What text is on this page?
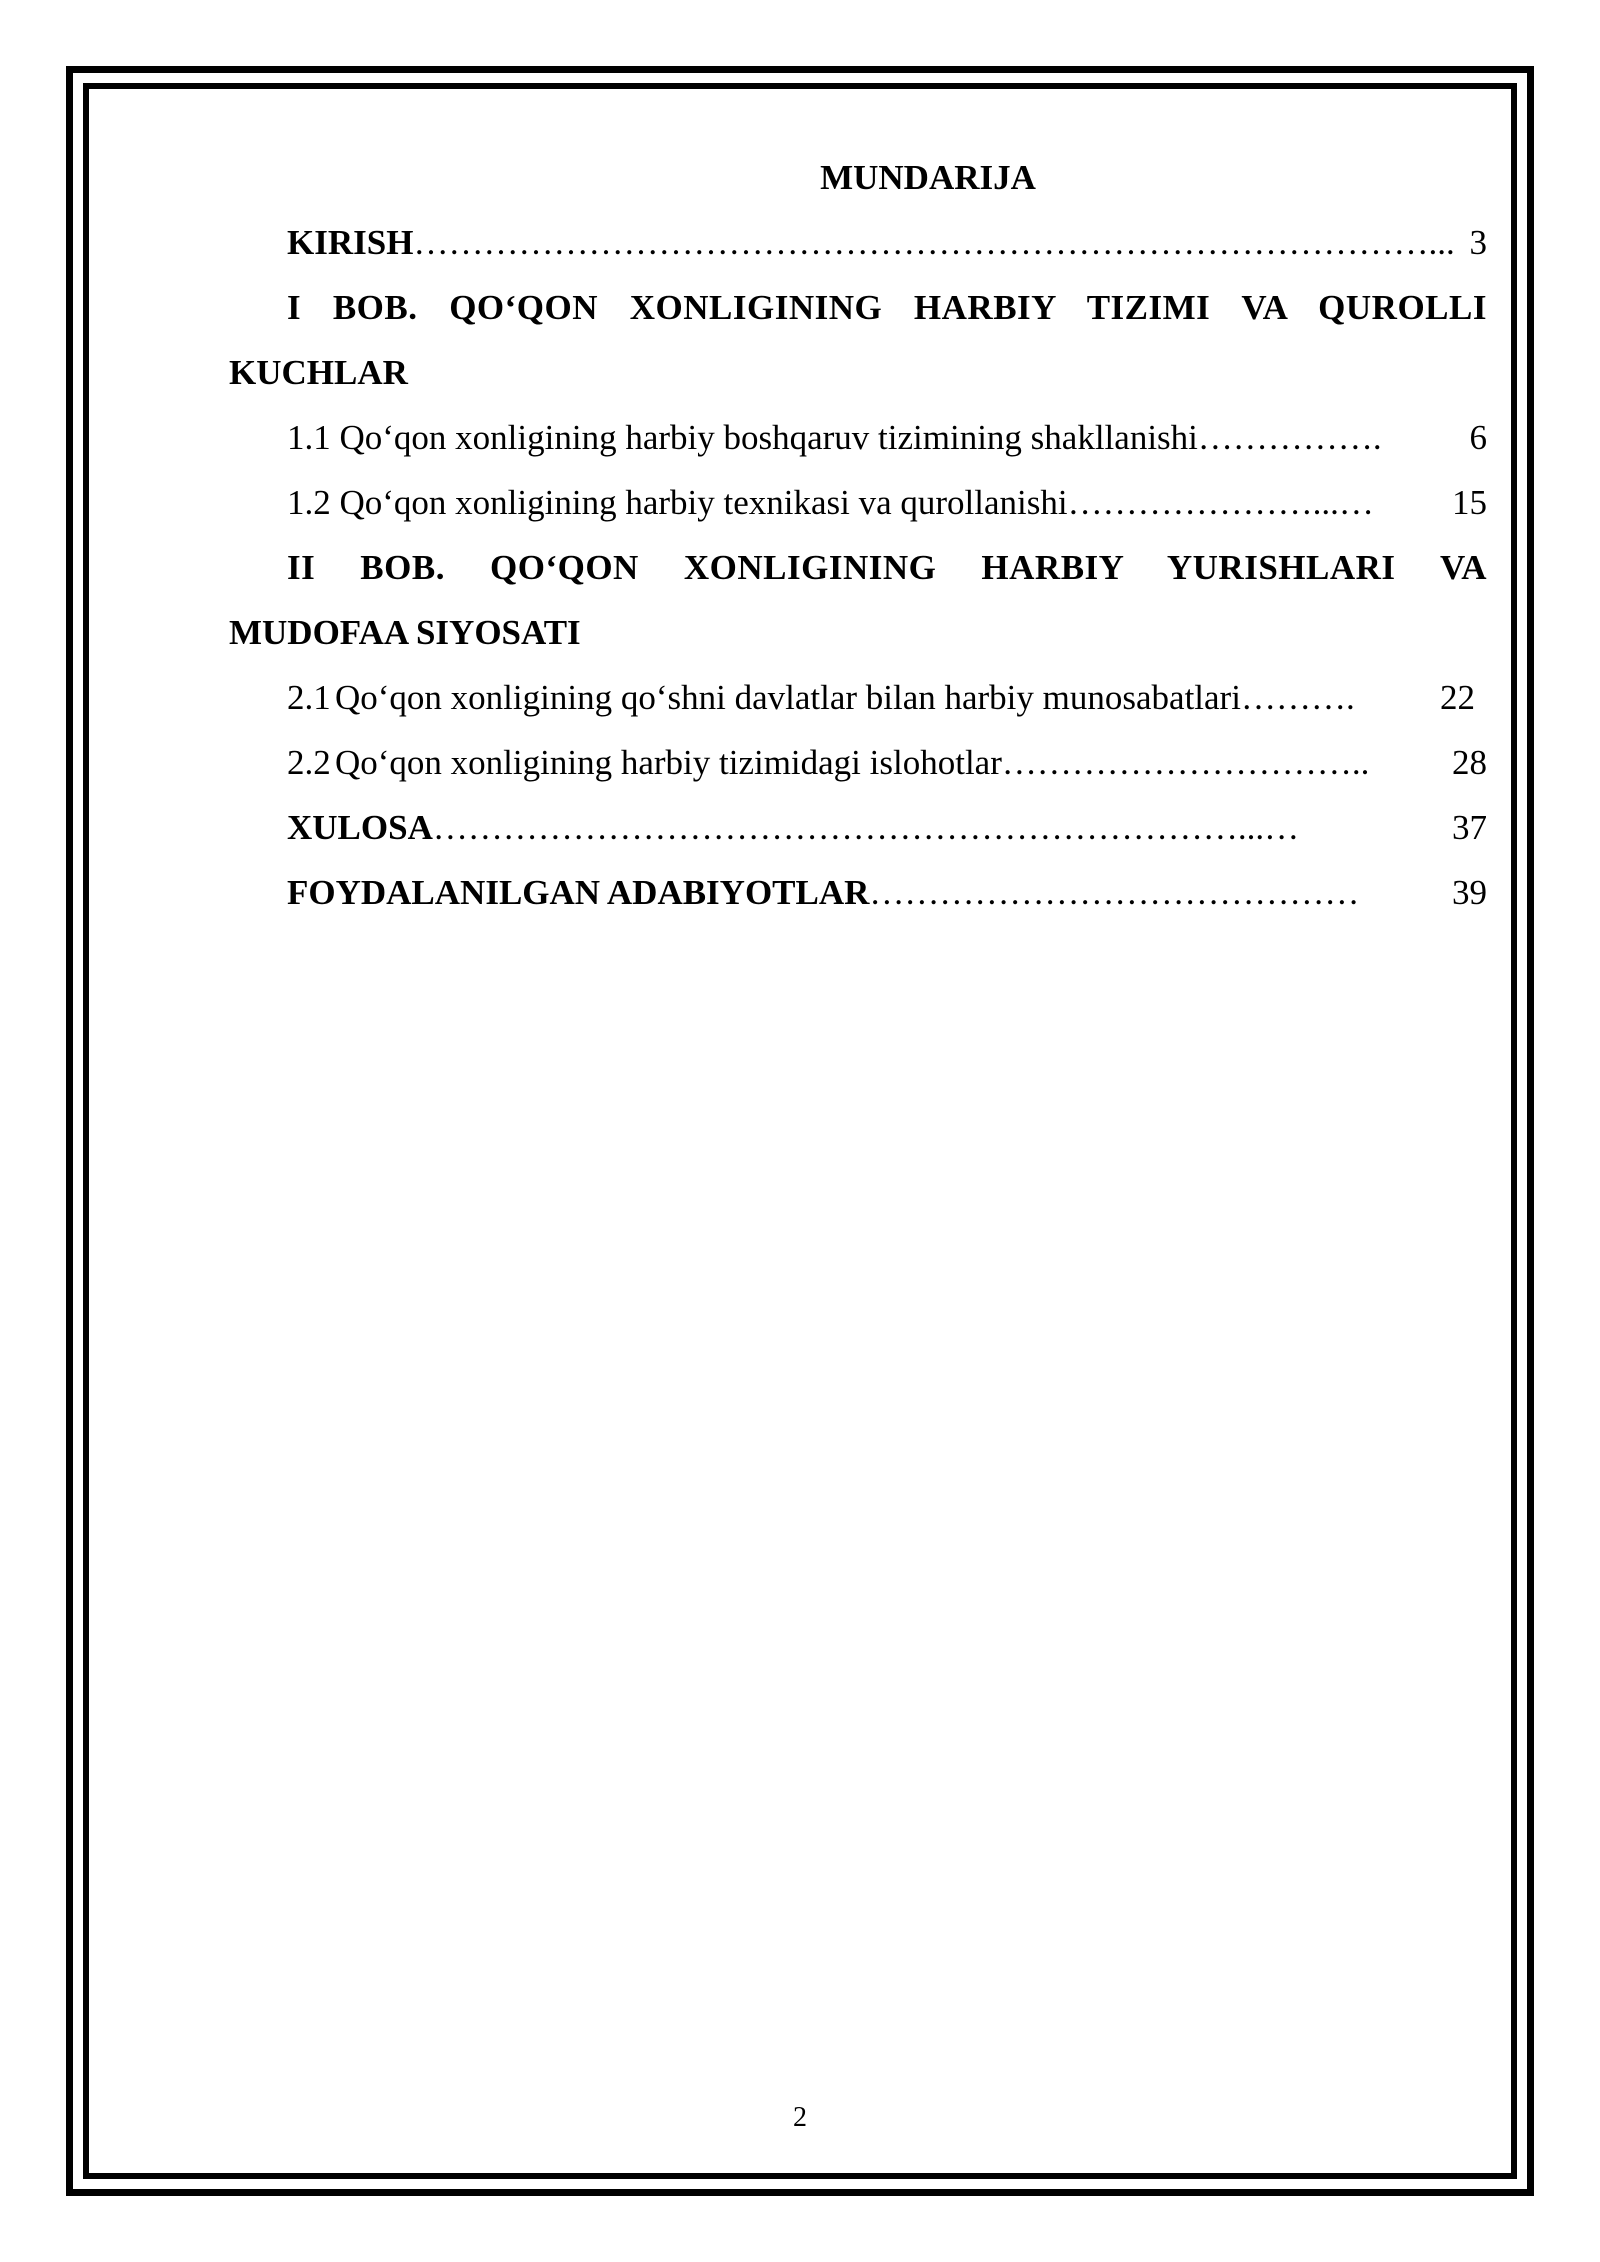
MUNDARIJA
KIRISH ……………………………………………………………………………... 3
I BOB. QO‘QON XONLIGINING HARBIY TIZIMI VA QUROLLI
KUCHLAR
1.1 Qo‘qon xonligining harbiy boshqaruv tizimining shakllanishi …………….	6
1.2 Qo‘qon xonligining harbiy texnikasi va qurollanishi …………………...…	15
II BOB. QO‘QON XONLIGINING HARBIY YURISHLARI VA
MUDOFAA SIYOSATI
2.1 Qo‘qon xonligining qo‘shni davlatlar bilan harbiy munosabatlari ……….	22
2.2 Qo‘qon xonligining harbiy tizimidagi islohotlar …………………………..	28
XULOSA ……………………………………………………………...…	37
FOYDALANILGAN ADABIYOTLAR ……………………………………	39
2
